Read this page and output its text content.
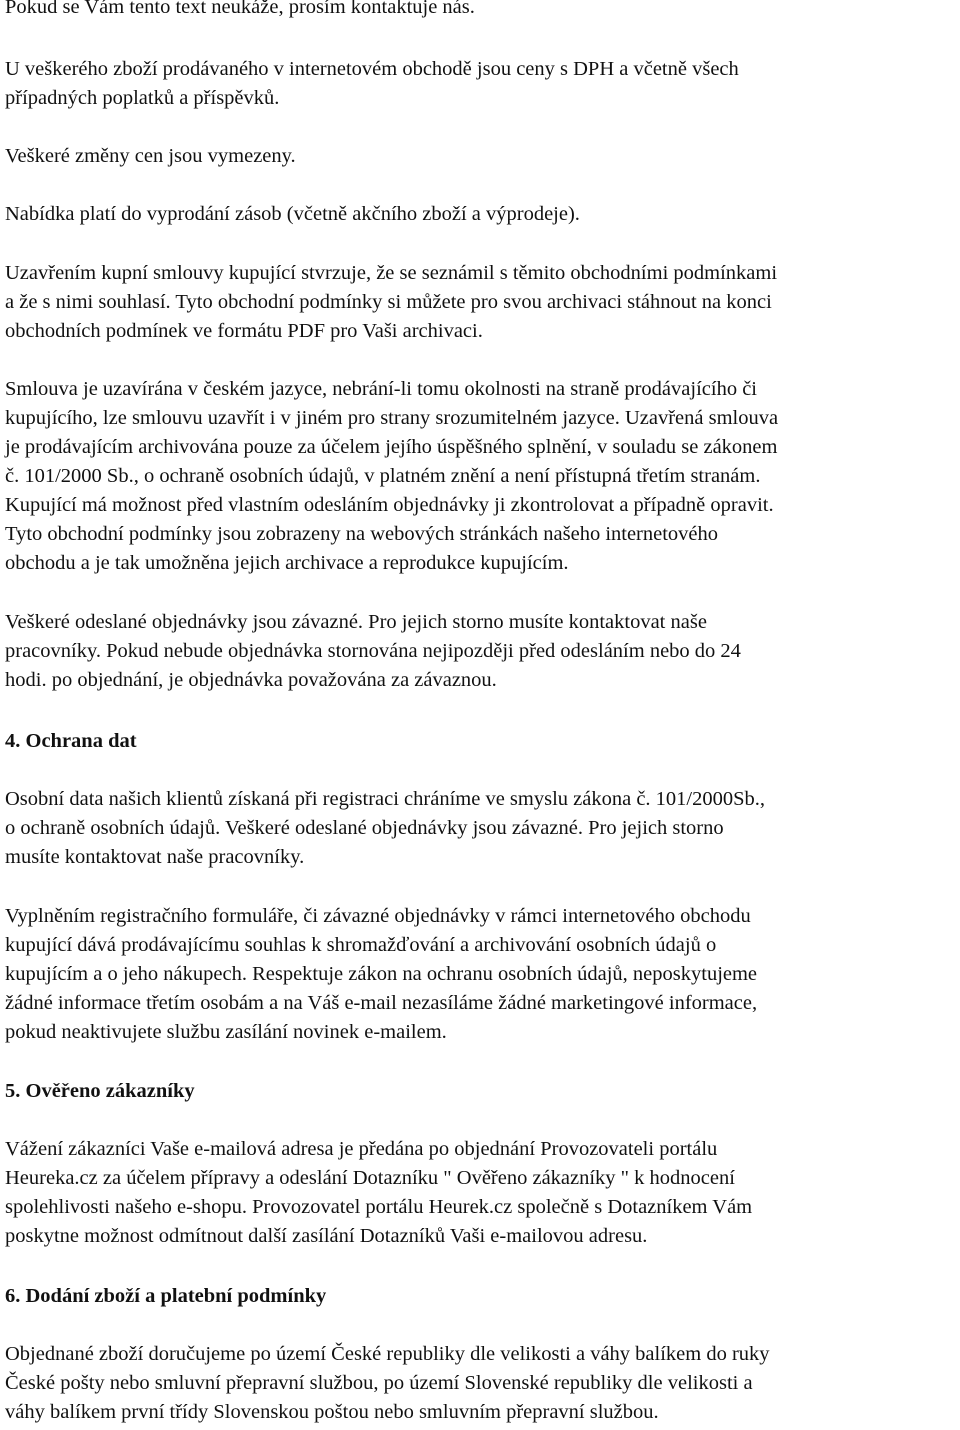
Pokud se Vám tento text neukáže, prosím kontaktuje nás.
U veškerého zboží prodávaného v internetovém obchodě jsou ceny s DPH a včetně všech
případných poplatků a příspěvků.
Veškeré změny cen jsou vymezeny.
Nabídka platí do vyprodání zásob (včetně akčního zboží a výprodeje).
Uzavřením kupní smlouvy kupující stvrzuje, že se seznámil s těmito obchodními podmínkami
a že s nimi souhlasí. Tyto obchodní podmínky si můžete pro svou archivaci stáhnout na konci
obchodních podmínek ve formátu PDF pro Vaši archivaci.
Smlouva je uzavírána v českém jazyce, nebrání-li tomu okolnosti na straně prodávajícího či
kupujícího, lze smlouvu uzavřít i v jiném pro strany srozumitelném jazyce. Uzavřená smlouva
je prodávajícím archivována pouze za účelem jejího úspěšného splnění, v souladu se zákonem
č. 101/2000 Sb., o ochraně osobních údajů, v platném znění a není přístupná třetím stranám.
Kupující má možnost před vlastním odesláním objednávky ji zkontrolovat a případně opravit.
Tyto obchodní podmínky jsou zobrazeny na webových stránkách našeho internetového
obchodu a je tak umožněna jejich archivace a reprodukce kupujícím.
Veškeré odeslané objednávky jsou závazné. Pro jejich storno musíte kontaktovat naše
pracovníky. Pokud nebude objednávka stornována nejipozději před odesláním nebo do 24
hodi. po objednání, je objednávka považována za závaznou.
4. Ochrana dat
Osobní data našich klientů získaná při registraci chráníme ve smyslu zákona č. 101/2000Sb.,
o ochraně osobních údajů. Veškeré odeslané objednávky jsou závazné. Pro jejich storno
musíte kontaktovat naše pracovníky.
Vyplněním registračního formuláře, či závazné objednávky v rámci internetového obchodu
kupující dává prodávajícímu souhlas k shromažďování a archivování osobních údajů o
kupujícím a o jeho nákupech. Respektuje zákon na ochranu osobních údajů, neposkytujeme
žádné informace třetím osobám a na Váš e-mail nezasíláme žádné marketingové informace,
pokud neaktivujete službu zasílání novinek e-mailem.
5. Ověřeno zákazníky
Vážení zákazníci Vaše e-mailová adresa je předána po objednání Provozovateli portálu
Heureka.cz za účelem přípravy a odeslání Dotazníku " Ověřeno zákazníky " k hodnocení
spolehlivosti našeho e-shopu. Provozovatel portálu Heurek.cz společně s Dotazníkem Vám
poskytne možnost odmítnout další zasílání Dotazníků Vaši e-mailovou adresu.
6. Dodání zboží a platební podmínky
Objednané zboží doručujeme po území České republiky dle velikosti a váhy balíkem do ruky
České pošty nebo smluvní přepravní službou, po území Slovenské republiky dle velikosti a
váhy balíkem první třídy Slovenskou poštou nebo smluvním přepravní službou.
